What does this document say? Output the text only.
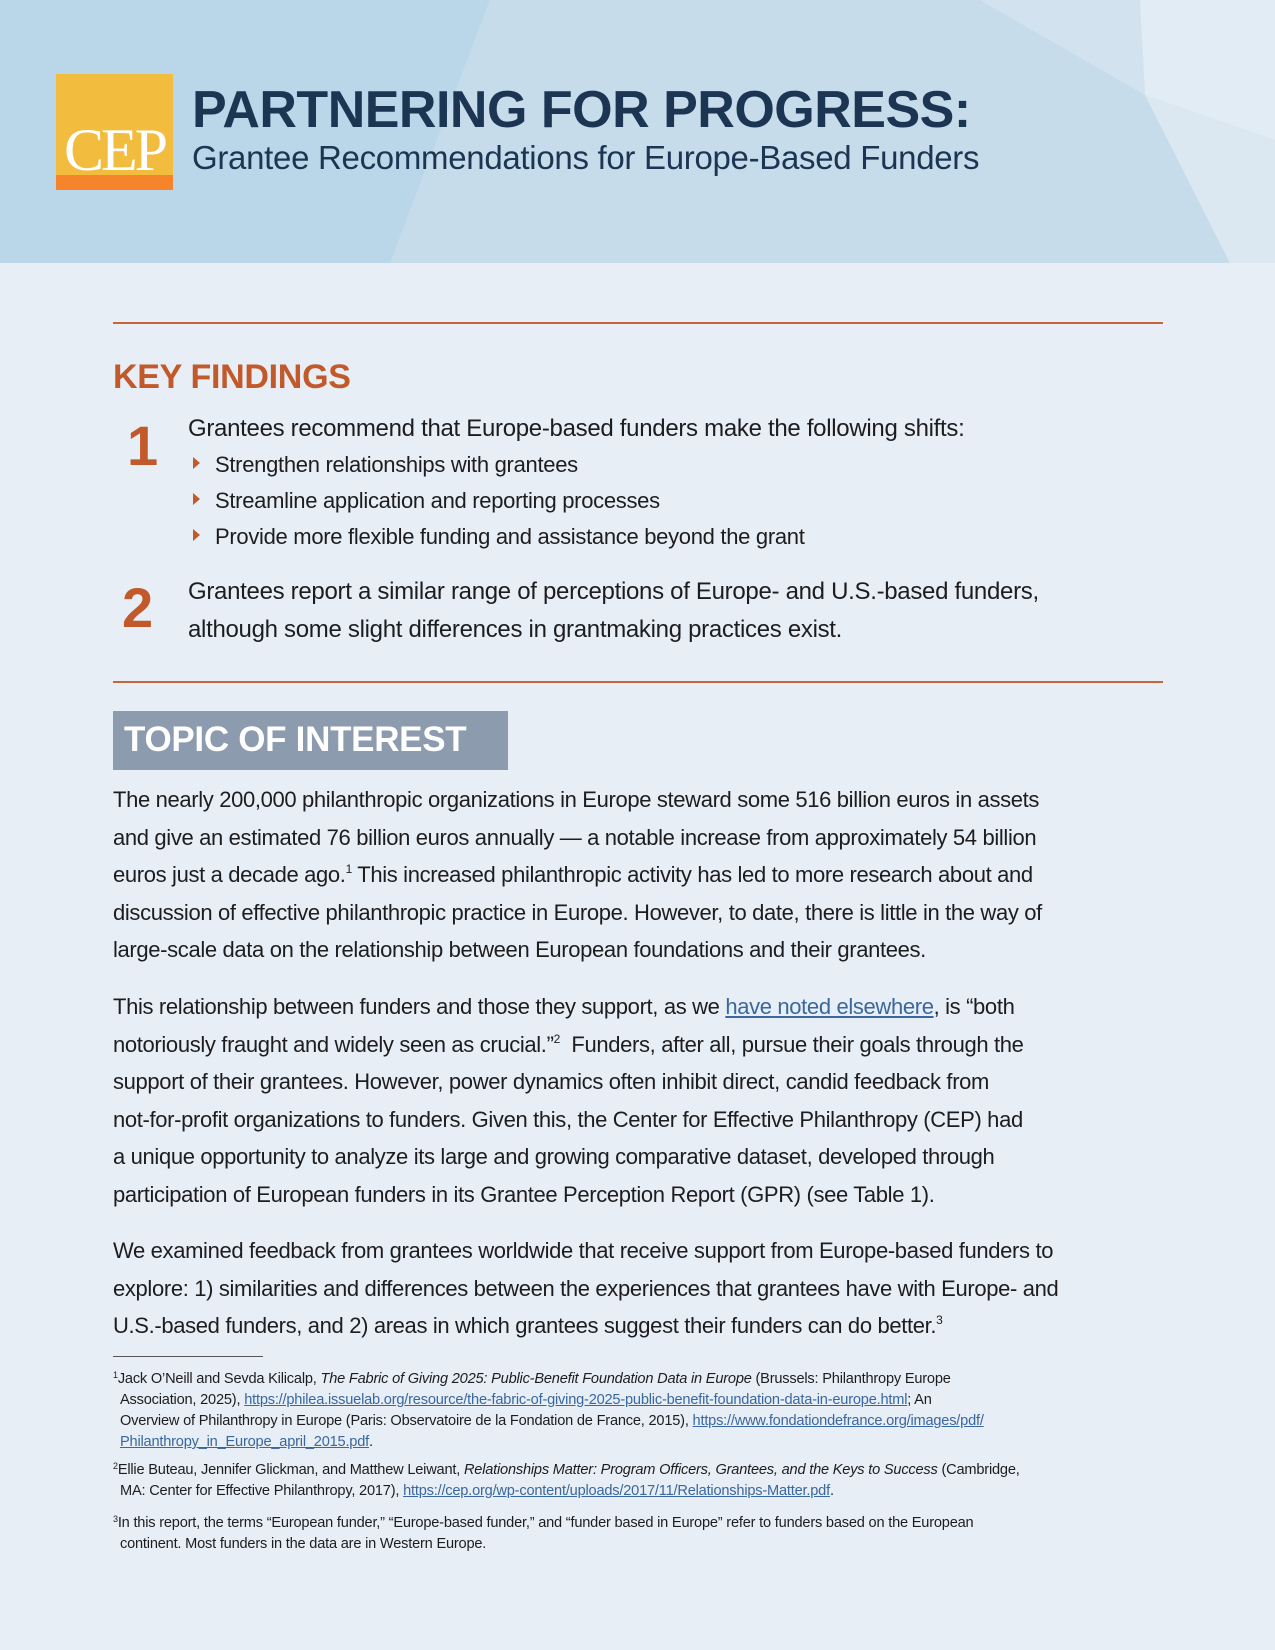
CEP
PARTNERING FOR PROGRESS:
Grantee Recommendations for Europe-Based Funders
KEY FINDINGS
1 Grantees recommend that Europe-based funders make the following shifts:
Strengthen relationships with grantees
Streamline application and reporting processes
Provide more flexible funding and assistance beyond the grant
2 Grantees report a similar range of perceptions of Europe- and U.S.-based funders,
although some slight differences in grantmaking practices exist.
TOPIC OF INTEREST
The nearly 200,000 philanthropic organizations in Europe steward some 516 billion euros in assets
and give an estimated 76 billion euros annually — a notable increase from approximately 54 billion
euros just a decade ago.$^1$ This increased philanthropic activity has led to more research about and
discussion of effective philanthropic practice in Europe. However, to date, there is little in the way of
large-scale data on the relationship between European foundations and their grantees.
This relationship between funders and those they support, as we have noted elsewhere, is “both
notoriously fraught and widely seen as crucial.”$^2$  Funders, after all, pursue their goals through the
support of their grantees. However, power dynamics often inhibit direct, candid feedback from
not-for-profit organizations to funders. Given this, the Center for Effective Philanthropy (CEP) had
a unique opportunity to analyze its large and growing comparative dataset, developed through
participation of European funders in its Grantee Perception Report (GPR) (see Table 1).
We examined feedback from grantees worldwide that receive support from Europe-based funders to
explore: 1) similarities and differences between the experiences that grantees have with Europe- and
U.S.-based funders, and 2) areas in which grantees suggest their funders can do better.$^3$
$^1$Jack O’Neill and Sevda Kilicalp, The Fabric of Giving 2025: Public-Benefit Foundation Data in Europe (Brussels: Philanthropy Europe
Association, 2025), https://philea.issuelab.org/resource/the-fabric-of-giving-2025-public-benefit-foundation-data-in-europe.html; An
Overview of Philanthropy in Europe (Paris: Observatoire de la Fondation de France, 2015), https://www.fondationdefrance.org/images/pdf/
Philanthropy_in_Europe_april_2015.pdf.
$^2$Ellie Buteau, Jennifer Glickman, and Matthew Leiwant, Relationships Matter: Program Officers, Grantees, and the Keys to Success (Cambridge,
MA: Center for Effective Philanthropy, 2017), https://cep.org/wp-content/uploads/2017/11/Relationships-Matter.pdf.
$^3$In this report, the terms “European funder,” “Europe-based funder,” and “funder based in Europe” refer to funders based on the European
continent. Most funders in the data are in Western Europe.
